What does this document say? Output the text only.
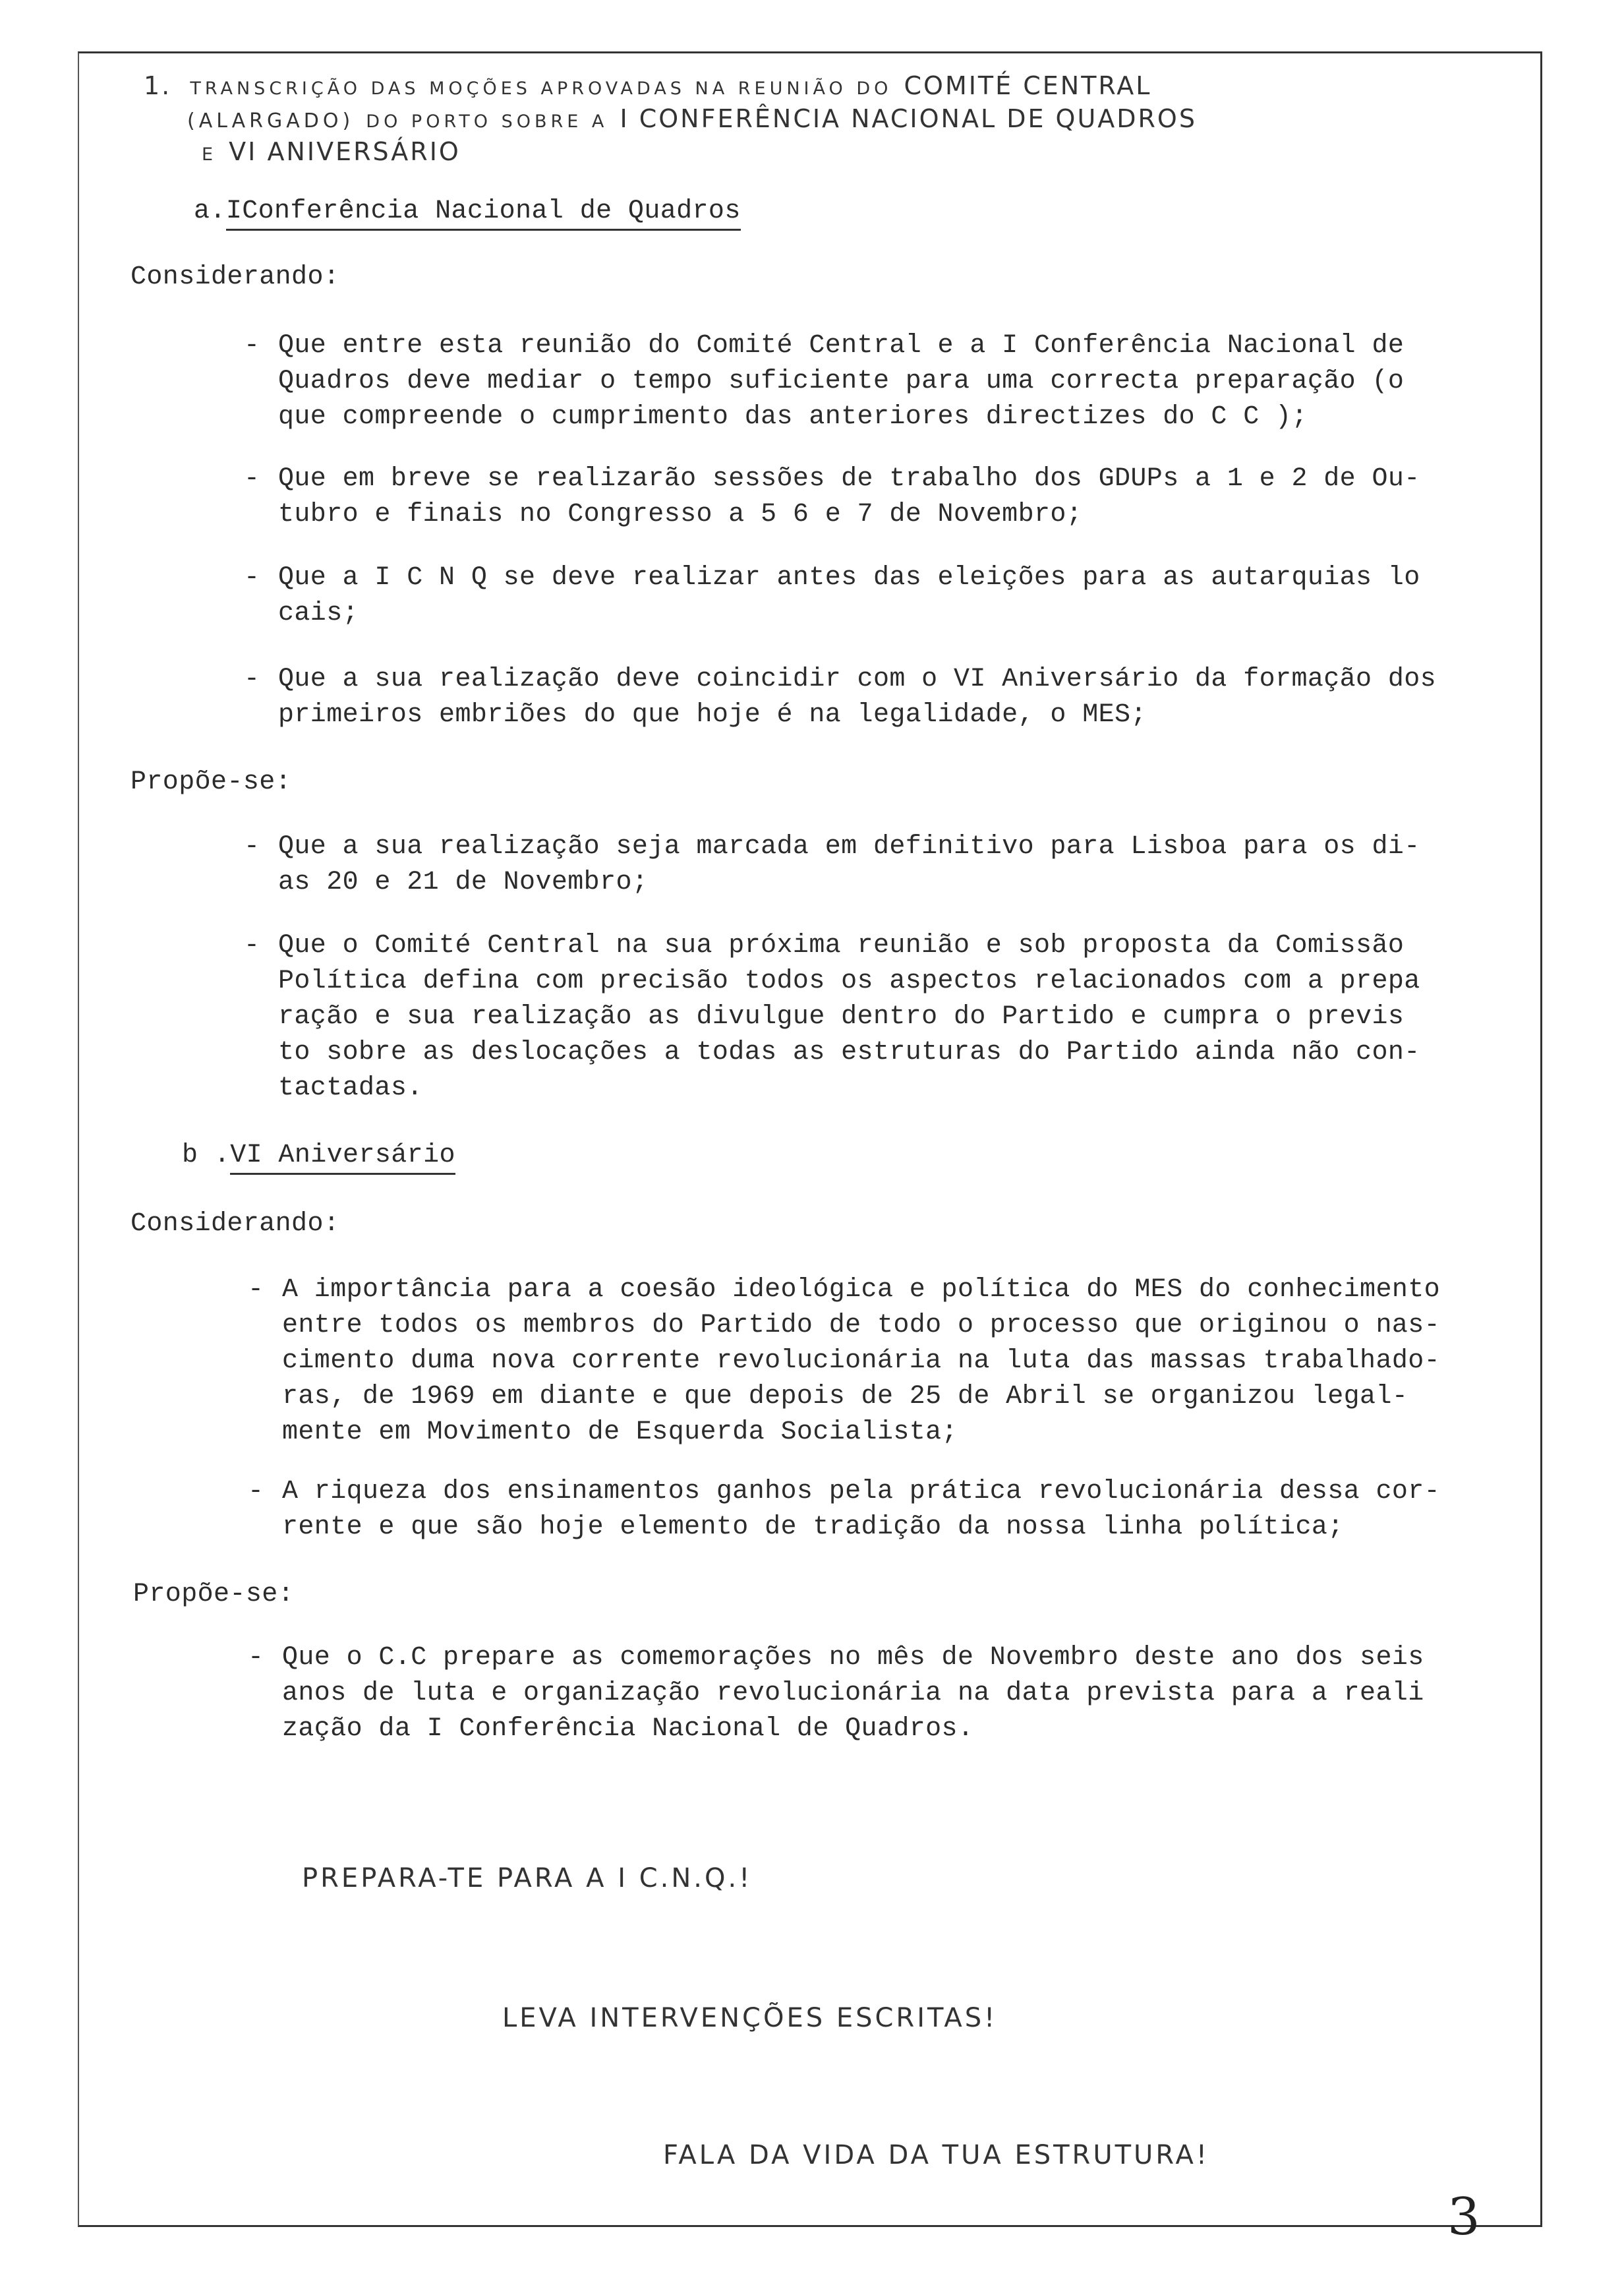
1. TRANSCRIÇÃO DAS MOÇÕES APROVADAS NA REUNIÃO DO COMITÉ CENTRAL
(ALARGADO) DO PORTO SOBRE A I CONFERÊNCIA NACIONAL DE QUADROS
E VI ANIVERSÁRIO
a.IConferência Nacional de Quadros
Considerando:
- Que entre esta reunião do Comité Central e a I Conferência Nacional de
Quadros deve mediar o tempo suficiente para uma correcta preparação (o
que compreende o cumprimento das anteriores directizes do C C );
- Que em breve se realizarão sessões de trabalho dos GDUPs a 1 e 2 de Ou-
tubro e finais no Congresso a 5 6 e 7 de Novembro;
- Que a I C N Q se deve realizar antes das eleições para as autarquias lo
cais;
- Que a sua realização deve coincidir com o VI Aniversário da formação dos
primeiros embriões do que hoje é na legalidade, o MES;
Propõe-se:
- Que a sua realização seja marcada em definitivo para Lisboa para os di-
as 20 e 21 de Novembro;
- Que o Comité Central na sua próxima reunião e sob proposta da Comissão
Política defina com precisão todos os aspectos relacionados com a prepa
ração e sua realização as divulgue dentro do Partido e cumpra o previs
to sobre as deslocações a todas as estruturas do Partido ainda não con-
tactadas.
b .VI Aniversário
Considerando:
- A importância para a coesão ideológica e política do MES do conhecimento
entre todos os membros do Partido de todo o processo que originou o nas-
cimento duma nova corrente revolucionária na luta das massas trabalhado-
ras, de 1969 em diante e que depois de 25 de Abril se organizou legal-
mente em Movimento de Esquerda Socialista;
- A riqueza dos ensinamentos ganhos pela prática revolucionária dessa cor-
rente e que são hoje elemento de tradição da nossa linha política;
Propõe-se:
- Que o C.C prepare as comemorações no mês de Novembro deste ano dos seis
anos de luta e organização revolucionária na data prevista para a reali
zação da I Conferência Nacional de Quadros.
PREPARA-TE PARA A I C.N.Q.!
LEVA INTERVENÇÕES ESCRITAS!
FALA DA VIDA DA TUA ESTRUTURA!
3
